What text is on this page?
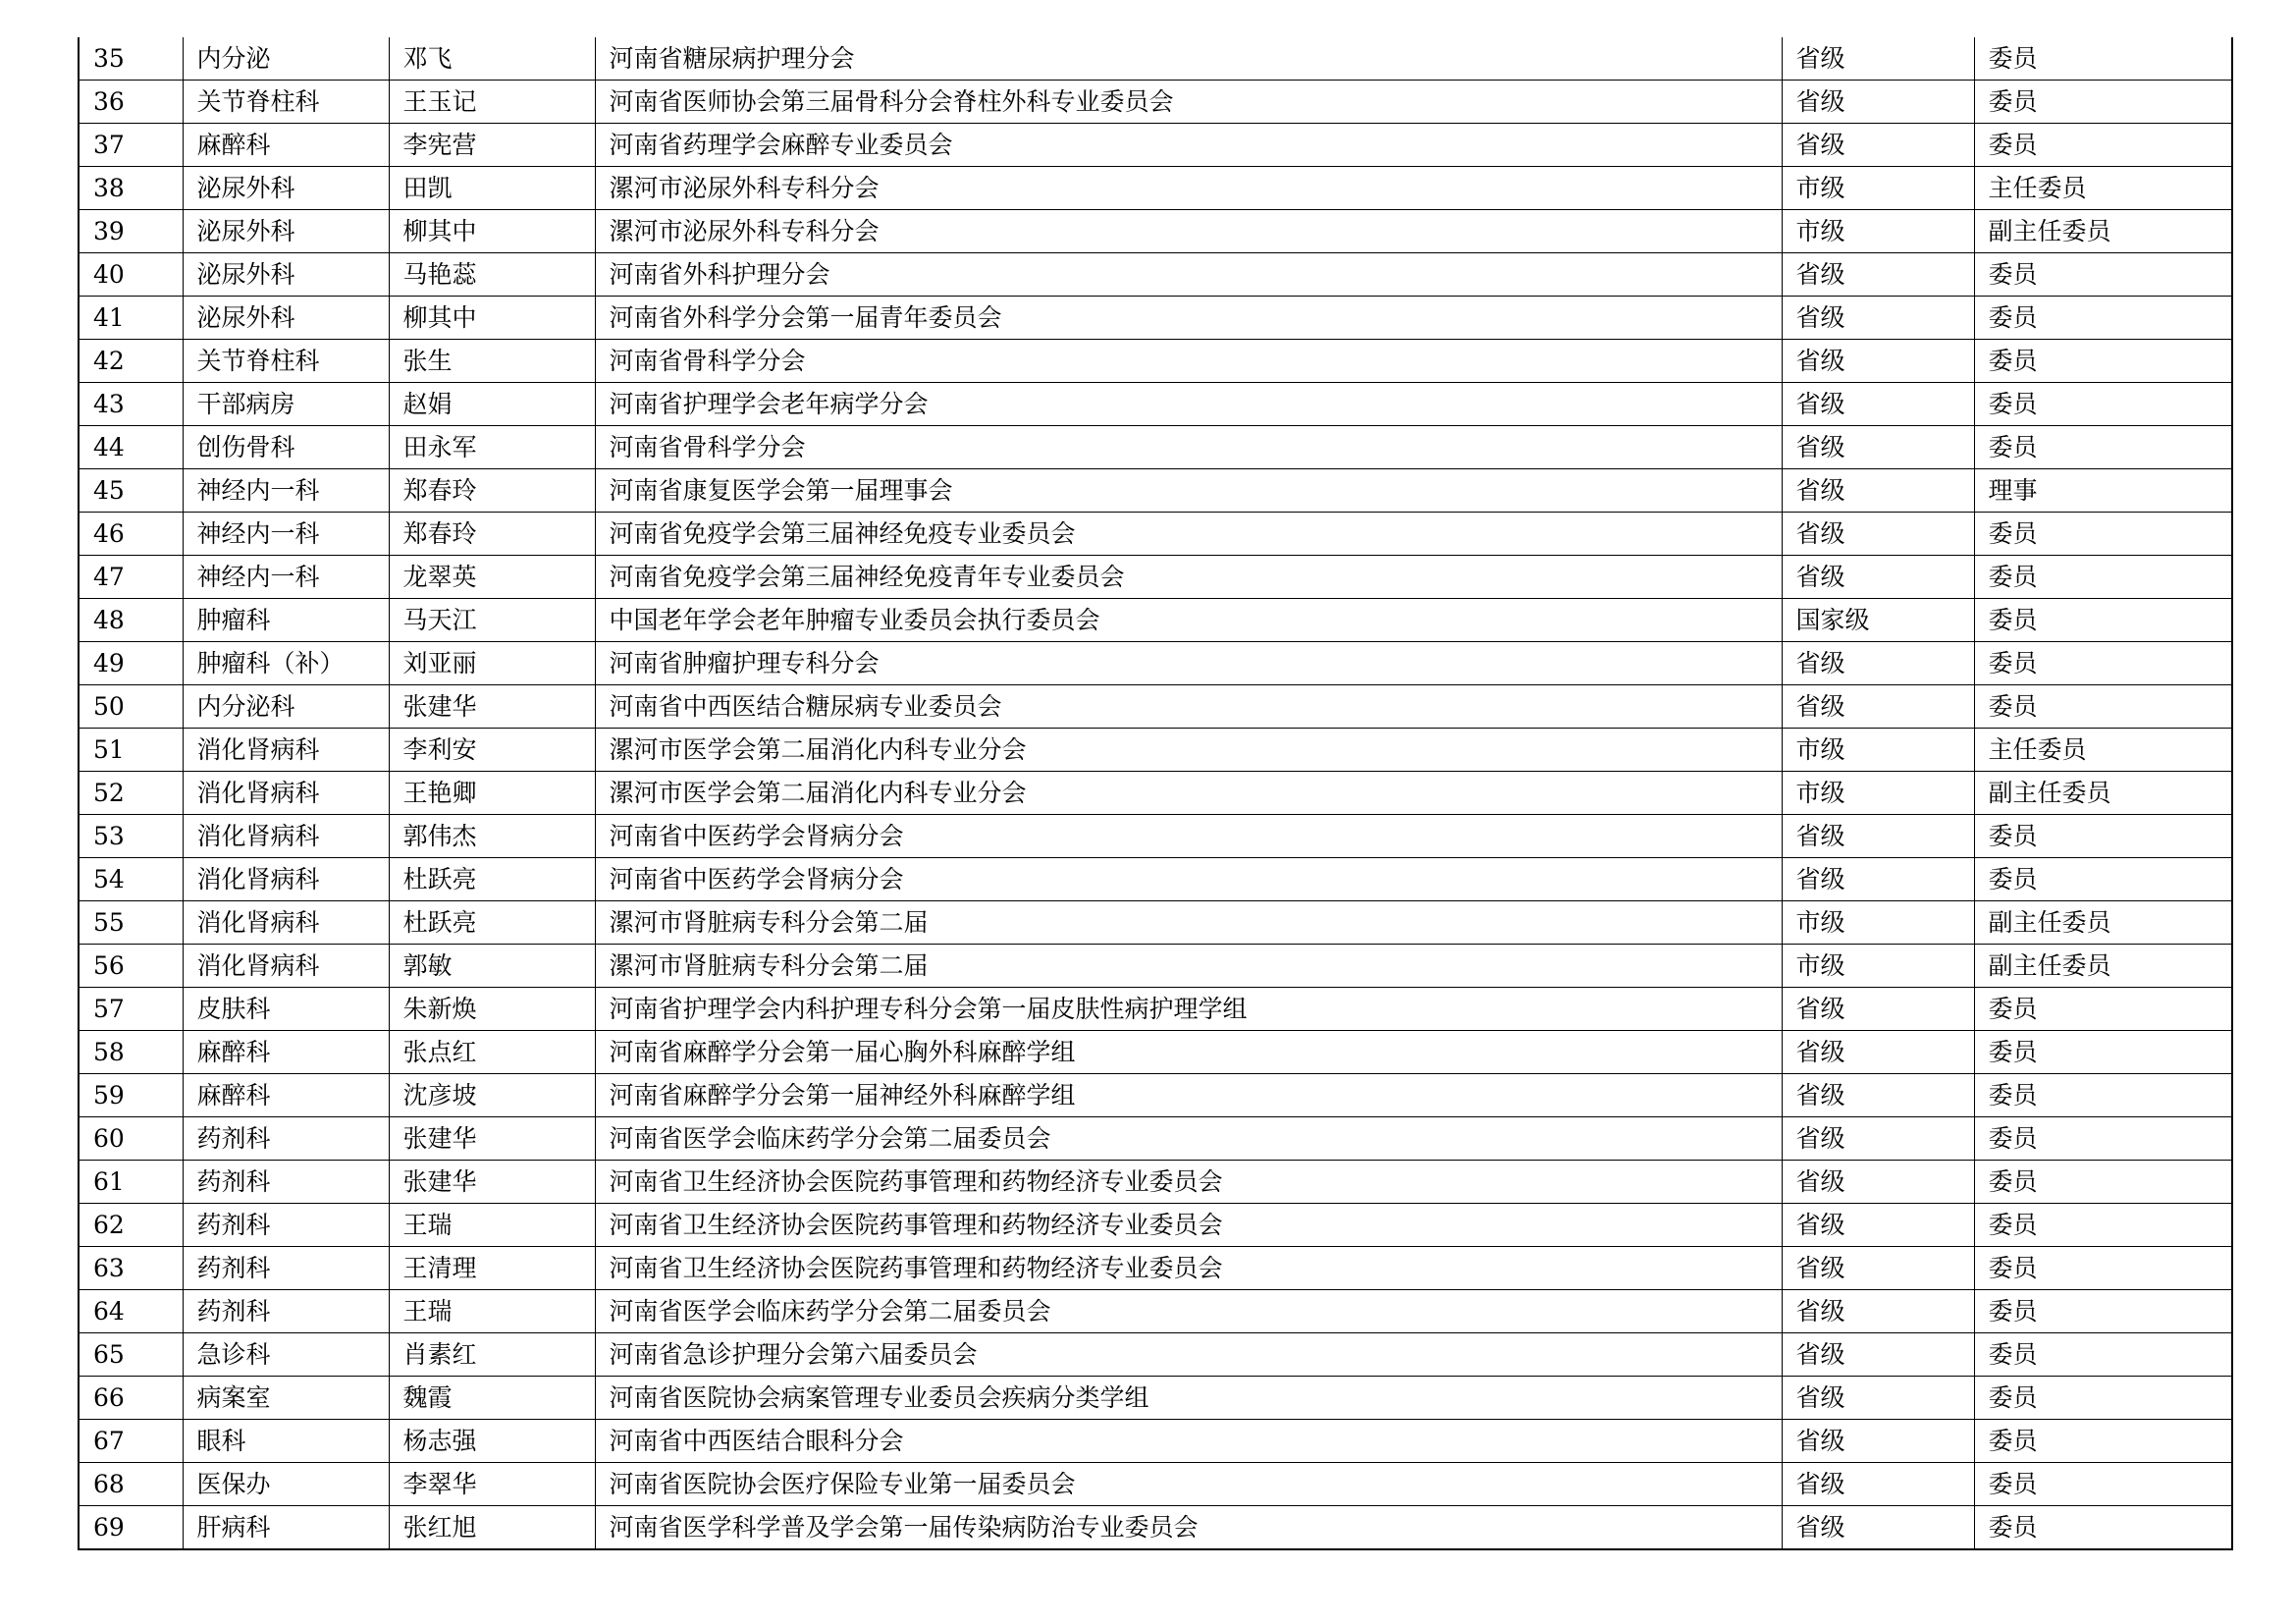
35	内分泌	邓飞	河南省糖尿病护理分会	省级	委员
36	关节脊柱科	王玉记	河南省医师协会第三届骨科分会脊柱外科专业委员会	省级	委员
37	麻醉科	李宪营	河南省药理学会麻醉专业委员会	省级	委员
38	泌尿外科	田凯	漯河市泌尿外科专科分会	市级	主任委员
39	泌尿外科	柳其中	漯河市泌尿外科专科分会	市级	副主任委员
40	泌尿外科	马艳蕊	河南省外科护理分会	省级	委员
41	泌尿外科	柳其中	河南省外科学分会第一届青年委员会	省级	委员
42	关节脊柱科	张生	河南省骨科学分会	省级	委员
43	干部病房	赵娟	河南省护理学会老年病学分会	省级	委员
44	创伤骨科	田永军	河南省骨科学分会	省级	委员
45	神经内一科	郑春玲	河南省康复医学会第一届理事会	省级	理事
46	神经内一科	郑春玲	河南省免疫学会第三届神经免疫专业委员会	省级	委员
47	神经内一科	龙翠英	河南省免疫学会第三届神经免疫青年专业委员会	省级	委员
48	肿瘤科	马天江	中国老年学会老年肿瘤专业委员会执行委员会	国家级	委员
49	肿瘤科（补）	刘亚丽	河南省肿瘤护理专科分会	省级	委员
50	内分泌科	张建华	河南省中西医结合糖尿病专业委员会	省级	委员
51	消化肾病科	李利安	漯河市医学会第二届消化内科专业分会	市级	主任委员
52	消化肾病科	王艳卿	漯河市医学会第二届消化内科专业分会	市级	副主任委员
53	消化肾病科	郭伟杰	河南省中医药学会肾病分会	省级	委员
54	消化肾病科	杜跃亮	河南省中医药学会肾病分会	省级	委员
55	消化肾病科	杜跃亮	漯河市肾脏病专科分会第二届	市级	副主任委员
56	消化肾病科	郭敏	漯河市肾脏病专科分会第二届	市级	副主任委员
57	皮肤科	朱新焕	河南省护理学会内科护理专科分会第一届皮肤性病护理学组	省级	委员
58	麻醉科	张点红	河南省麻醉学分会第一届心胸外科麻醉学组	省级	委员
59	麻醉科	沈彦坡	河南省麻醉学分会第一届神经外科麻醉学组	省级	委员
60	药剂科	张建华	河南省医学会临床药学分会第二届委员会	省级	委员
61	药剂科	张建华	河南省卫生经济协会医院药事管理和药物经济专业委员会	省级	委员
62	药剂科	王瑞	河南省卫生经济协会医院药事管理和药物经济专业委员会	省级	委员
63	药剂科	王清理	河南省卫生经济协会医院药事管理和药物经济专业委员会	省级	委员
64	药剂科	王瑞	河南省医学会临床药学分会第二届委员会	省级	委员
65	急诊科	肖素红	河南省急诊护理分会第六届委员会	省级	委员
66	病案室	魏霞	河南省医院协会病案管理专业委员会疾病分类学组	省级	委员
67	眼科	杨志强	河南省中西医结合眼科分会	省级	委员
68	医保办	李翠华	河南省医院协会医疗保险专业第一届委员会	省级	委员
69	肝病科	张红旭	河南省医学科学普及学会第一届传染病防治专业委员会	省级	委员
